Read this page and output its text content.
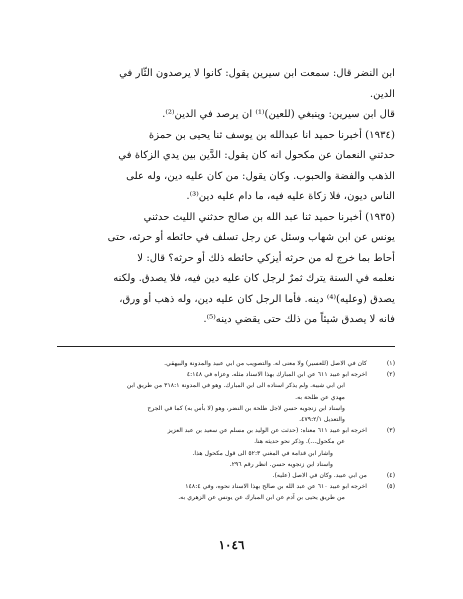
ابن النضر قال: سمعت ابن سيرين يقول: كانوا لا يرصدون الثّار في
الدين.
قال ابن سيرين: وينبغي (للعين)⁽¹⁾ ان يرصد في الدين⁽²⁾.
(١٩٣٤) أخبرنا حميد انا عبدالله بن يوسف ثنا يحيى بن حمزة
حدثني النعمان عن مكحول انه كان يقول: الدَّين بين يدي الزكاة في
الذهب والفضة والحبوب. وكان يقول: من كان عليه دين، وله على
الناس ديون، فلا زكاة عليه فيه، ما دام عليه دين⁽³⁾.
(١٩٣٥) أخبرنا حميد ثنا عبد الله بن صالح حدثني الليث حدثني
يونس عن ابن شهاب وسئل عن رجل تسلف في حائطه أو حرثه، حتى
أحاط بما خرج له من حرثه أيزكي حائطه ذلك أو حرثه؟ قال: لا
نعلمه في السنة يترك ثمرٌ لرجل كان عليه دين فيه، فلا يصدق. ولكنه
يصدق (وعليه)⁽⁴⁾ دينه. فأما الرجل كان عليه دين، وله ذهب أو ورق،
فانه لا يصدق شيئاً من ذلك حتى يقضي دينه⁽⁵⁾.
(١)
كان في الاصل (للعسير) ولا معنى له. والتصويب من ابي عبيد والمدونة والبيهقي.
(٢)
اخرجه ابو عبيد ٦١١ عن ابن المبارك بهذا الاسناد مثله. وعزاه في ٤:١٤٨
ابن ابي شيبة. ولم يذكر اسناده الى ابن المبارك. وهو في المدونة ٣١٨:١ من طريق ابن
مهدي عن طلحة به.
واسناد ابن زنجويه حسن لاجل طلحة بن النضر، وهو (لا بأس به) كما في الجرح
والتعديل ٤٧٩:٢/١.
(٣)
اخرجه ابو عبيد ٦١١ معناه: (حدثت عن الوليد بن مسلم عن سعيد بن عبد العزيز
عن مكحول...). وذكر نحو حديثه هنا.
واشار ابن قدامة في المغني ٥٢:٣ الى قول مكحول هذا.
واسناد ابن زنجويه حسن. انظر رقم ٢٩٦.
(٤)
من ابي عبيد. وكان في الاصل (عليه).
(٥)
اخرجه ابو عبيد ٦١٠ عن عبد الله بن صالح بهذا الاسناد نحوه، وفي ١٤٨:٤
من طريق يحيى بن آدم عن ابن المبارك عن يونس عن الزهري به.
١٠٤٦
